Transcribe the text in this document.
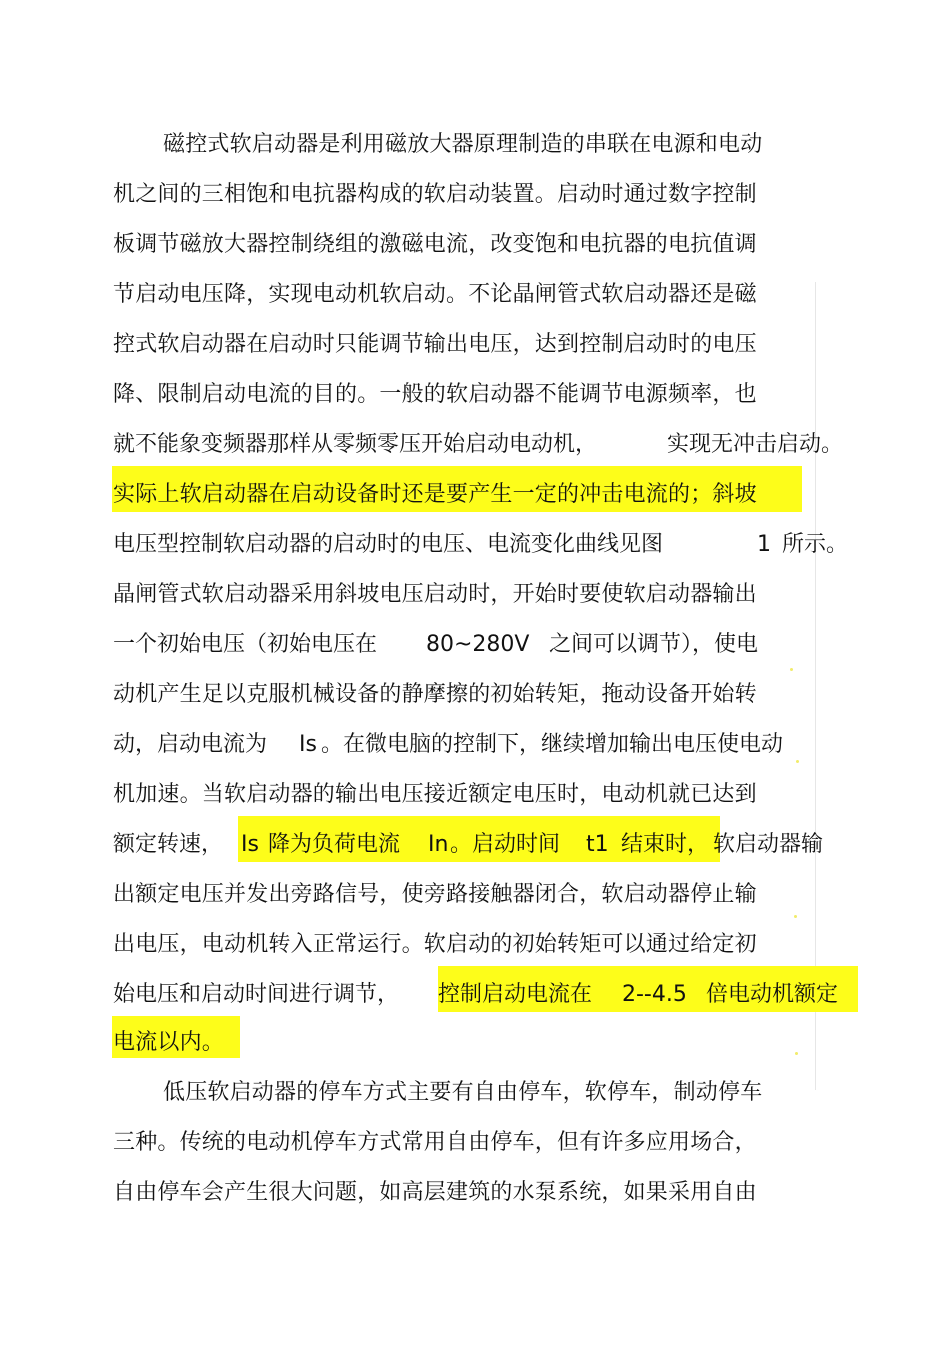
磁控式软启动器是利用磁放大器原理制造的串联在电源和电动
机之间的三相饱和电抗器构成的软启动装置。启动时通过数字控制
板调节磁放大器控制绕组的激磁电流，改变饱和电抗器的电抗值调
节启动电压降，实现电动机软启动。不论晶闸管式软启动器还是磁
控式软启动器在启动时只能调节输出电压，达到控制启动时的电压
降、限制启动电流的目的。一般的软启动器不能调节电源频率，也
就不能象变频器那样从零频零压开始启动电动机，	实现无冲击启动。
实际上软启动器在启动设备时还是要产生一定的冲击电流的；斜坡
电压型控制软启动器的启动时的电压、电流变化曲线见图	1 所示。
晶闸管式软启动器采用斜坡电压启动时，开始时要使软启动器输出
一个初始电压（初始电压在 80~280V 之间可以调节），使电
动机产生足以克服机械设备的静摩擦的初始转矩，拖动设备开始转
动，启动电流为 Is 。在微电脑的控制下，继续增加输出电压使电动
机加速。当软启动器的输出电压接近额定电压时，电动机就已达到
额定转速， Is 降为负荷电流 In 。启动时间 t1 结束时， 软启动器输
出额定电压并发出旁路信号，使旁路接触器闭合，软启动器停止输
出电压，电动机转入正常运行。软启动的初始转矩可以通过给定初
始电压和启动时间进行调节， 控制启动电流在 2--4.5 倍电动机额定
电流以内。
低压软启动器的停车方式主要有自由停车，软停车，制动停车
三种。传统的电动机停车方式常用自由停车，但有许多应用场合，
自由停车会产生很大问题，如高层建筑的水泵系统，如果采用自由
